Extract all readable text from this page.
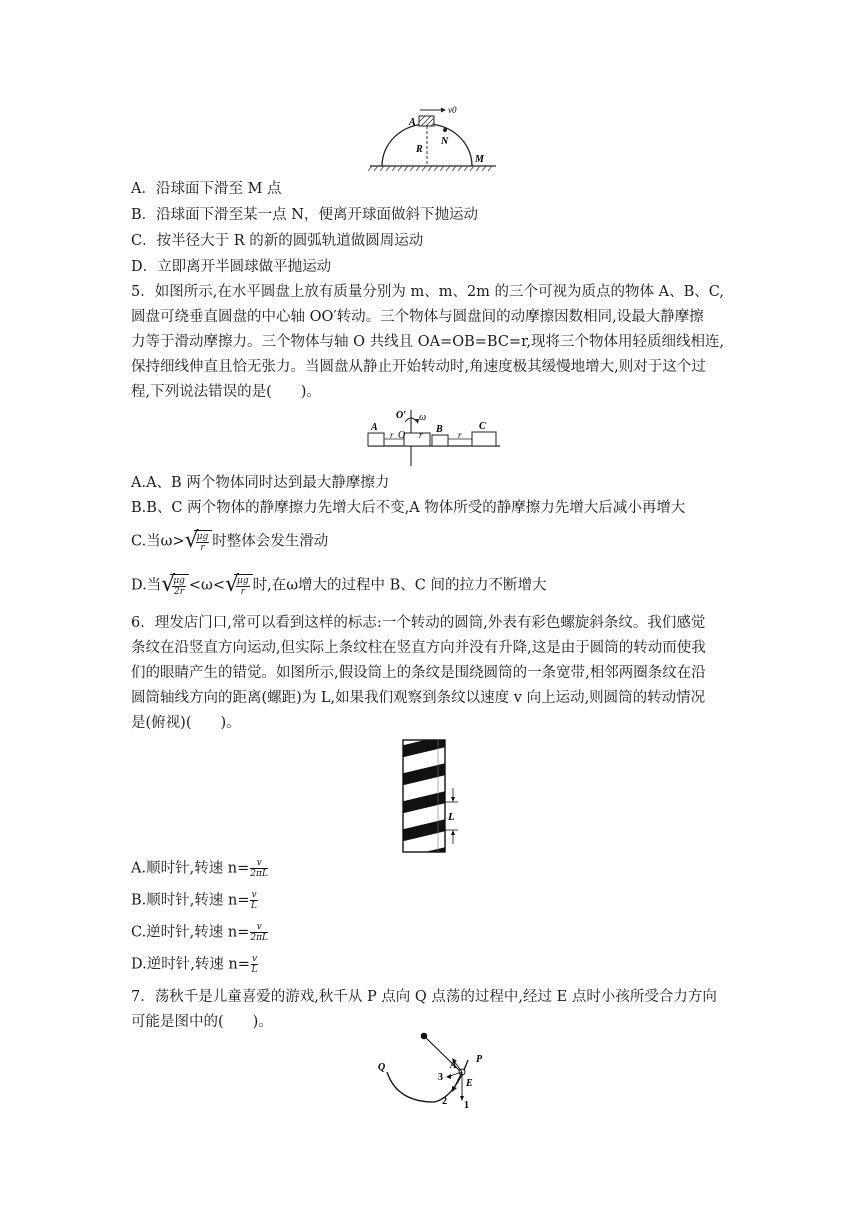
v0
A
N
R
M
A．沿球面下滑至 M 点
B．沿球面下滑至某一点 N，便离开球面做斜下抛运动
C．按半径大于 R 的新的圆弧轨道做圆周运动
D．立即离开半圆球做平抛运动
5．如图所示,在水平圆盘上放有质量分别为 m、m、2m 的三个可视为质点的物体 A、B、C,
圆盘可绕垂直圆盘的中心轴 OO′转动。三个物体与圆盘间的动摩擦因数相同,设最大静摩擦
力等于滑动摩擦力。三个物体与轴 O 共线且 OA=OB=BC=r,现将三个物体用轻质细线相连,
保持细线伸直且恰无张力。当圆盘从静止开始转动时,角速度极其缓慢地增大,则对于这个过
程,下列说法错误的是(　　)。
O′ ω
A
r O r B r
C
A.A、B 两个物体同时达到最大静摩擦力
B.B、C 两个物体的静摩擦力先增大后不变,A 物体所受的静摩擦力先增大后减小再增大
C.当ω> √
$\frac{\mu g}{r}$ 时整体会发生滑动
D.当 √
$\frac{\mu g}{2r} <\omega<$ √
$\frac{\mu g}{r}$ 时,在ω增大的过程中 B、C 间的拉力不断增大
6．理发店门口,常可以看到这样的标志:一个转动的圆筒,外表有彩色螺旋斜条纹。我们感觉
条纹在沿竖直方向运动,但实际上条纹柱在竖直方向并没有升降,这是由于圆筒的转动而使我
们的眼睛产生的错觉。如图所示,假设筒上的条纹是围绕圆筒的一条宽带,相邻两圈条纹在沿
圆筒轴线方向的距离(螺距)为 L,如果我们观察到条纹以速度 v 向上运动,则圆筒的转动情况
是(俯视)(　　)。
L
A.顺时针,转速 $n= \frac{v}{2\pi L}$
B.顺时针,转速 $n= \frac{v}{L}$
C.逆时针,转速 $n= \frac{v}{2\pi L}$
D.逆时针,转速 $n= \frac{v}{L}$
7．荡秋千是儿童喜爱的游戏,秋千从 P 点向 Q 点荡的过程中,经过 E 点时小孩所受合力方向
可能是图中的(　　)。
Q
P
A
3
E
2 1
